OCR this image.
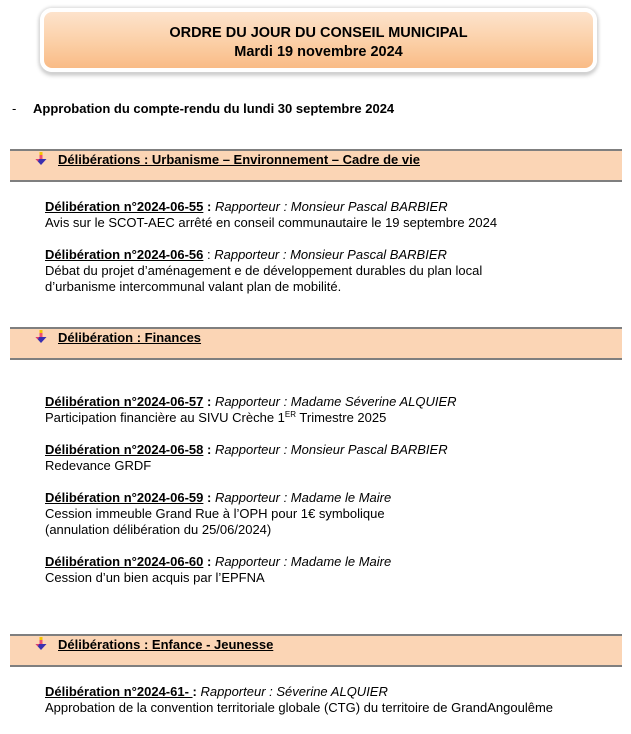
ORDRE DU JOUR DU CONSEIL MUNICIPAL
Mardi 19 novembre 2024
- Approbation du compte-rendu du lundi 30 septembre 2024
Délibérations : Urbanisme – Environnement – Cadre de vie
Délibération n°2024-06-55 : Rapporteur : Monsieur Pascal BARBIER
Avis sur le SCOT-AEC arrêté en conseil communautaire le 19 septembre 2024
Délibération n°2024-06-56 : Rapporteur : Monsieur Pascal BARBIER
Débat du projet d’aménagement e de développement durables du plan local d’urbanisme intercommunal valant plan de mobilité.
Délibération : Finances
Délibération n°2024-06-57 : Rapporteur : Madame Séverine ALQUIER
Participation financière au SIVU Crèche 1ER Trimestre 2025
Délibération n°2024-06-58 : Rapporteur : Monsieur Pascal BARBIER
Redevance GRDF
Délibération n°2024-06-59 : Rapporteur : Madame le Maire
Cession immeuble Grand Rue à l’OPH pour 1€ symbolique
(annulation délibération du 25/06/2024)
Délibération n°2024-06-60 : Rapporteur : Madame le Maire
Cession d’un bien acquis par l’EPFNA
Délibérations : Enfance - Jeunesse
Délibération n°2024-61- : Rapporteur : Séverine ALQUIER
Approbation de la convention territoriale globale (CTG) du territoire de GrandAngoulême
